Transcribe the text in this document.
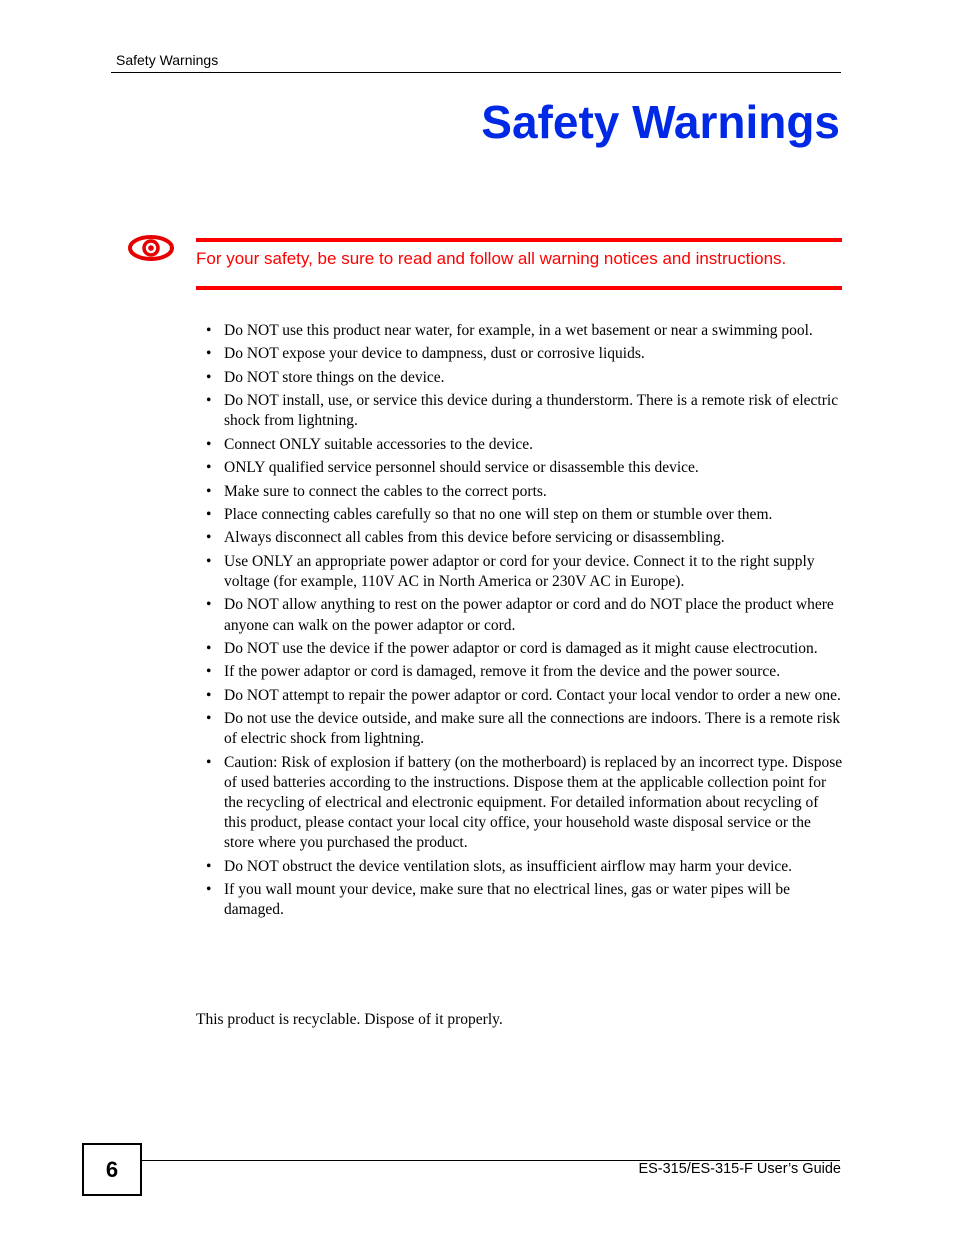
Safety Warnings
Safety Warnings
For your safety, be sure to read and follow all warning notices and instructions.
• Do NOT use this product near water, for example, in a wet basement or near a swimming pool.
• Do NOT expose your device to dampness, dust or corrosive liquids.
• Do NOT store things on the device.
• Do NOT install, use, or service this device during a thunderstorm. There is a remote risk of electric shock from lightning.
• Connect ONLY suitable accessories to the device.
• ONLY qualified service personnel should service or disassemble this device.
• Make sure to connect the cables to the correct ports.
• Place connecting cables carefully so that no one will step on them or stumble over them.
• Always disconnect all cables from this device before servicing or disassembling.
• Use ONLY an appropriate power adaptor or cord for your device. Connect it to the right supply voltage (for example, 110V AC in North America or 230V AC in Europe).
• Do NOT allow anything to rest on the power adaptor or cord and do NOT place the product where anyone can walk on the power adaptor or cord.
• Do NOT use the device if the power adaptor or cord is damaged as it might cause electrocution.
• If the power adaptor or cord is damaged, remove it from the device and the power source.
• Do NOT attempt to repair the power adaptor or cord. Contact your local vendor to order a new one.
• Do not use the device outside, and make sure all the connections are indoors. There is a remote risk of electric shock from lightning.
• Caution: Risk of explosion if battery (on the motherboard) is replaced by an incorrect type. Dispose of used batteries according to the instructions. Dispose them at the applicable collection point for the recycling of electrical and electronic equipment. For detailed information about recycling of this product, please contact your local city office, your household waste disposal service or the store where you purchased the product.
• Do NOT obstruct the device ventilation slots, as insufficient airflow may harm your device.
• If you wall mount your device, make sure that no electrical lines, gas or water pipes will be damaged.
This product is recyclable. Dispose of it properly.
6	ES-315/ES-315-F User’s Guide
